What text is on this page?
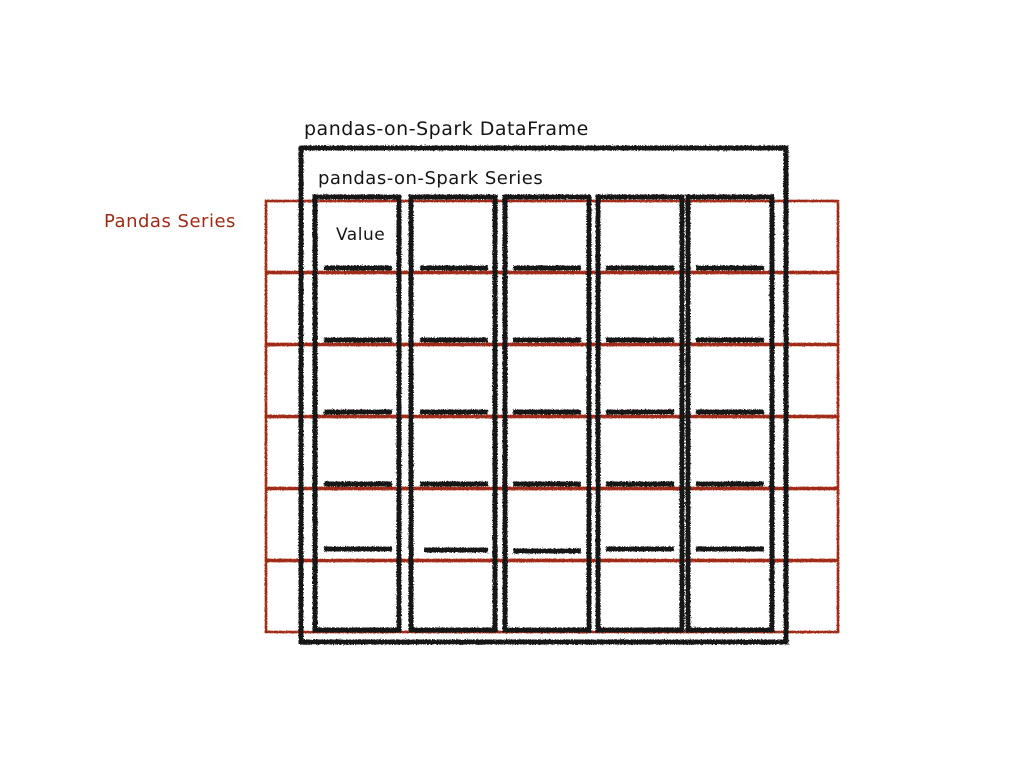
pandas-on-Spark DataFrame
pandas-on-Spark Series
Value
Pandas Series
